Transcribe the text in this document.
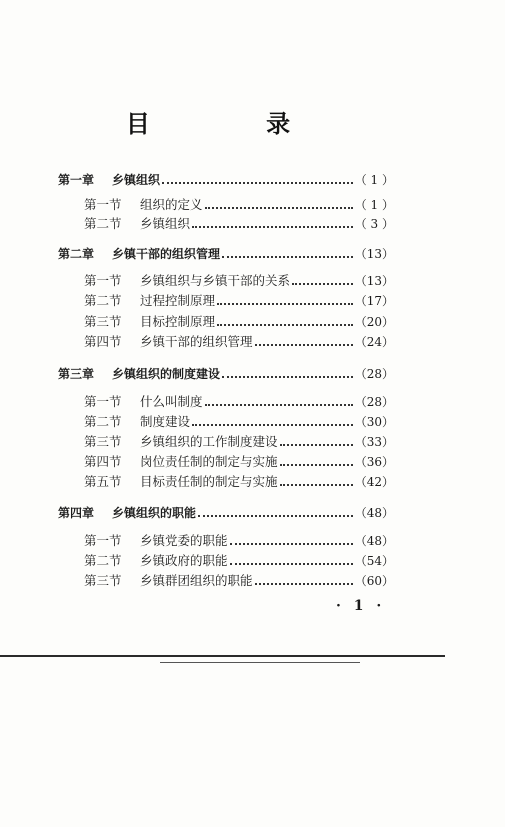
目 录
第一章	乡镇组织	（ 1 ）
第一节	组织的定义	（ 1 ）
第二节	乡镇组织	（ 3 ）
第二章	乡镇干部的组织管理	（13）
第一节	乡镇组织与乡镇干部的关系	（13）
第二节	过程控制原理	（17）
第三节	目标控制原理	（20）
第四节	乡镇干部的组织管理	（24）
第三章	乡镇组织的制度建设	（28）
第一节	什么叫制度	（28）
第二节	制度建设	（30）
第三节	乡镇组织的工作制度建设	（33）
第四节	岗位责任制的制定与实施	（36）
第五节	目标责任制的制定与实施	（42）
第四章	乡镇组织的职能	（48）
第一节	乡镇党委的职能	（48）
第二节	乡镇政府的职能	（54）
第三节	乡镇群团组织的职能	（60）
· 1 ·
